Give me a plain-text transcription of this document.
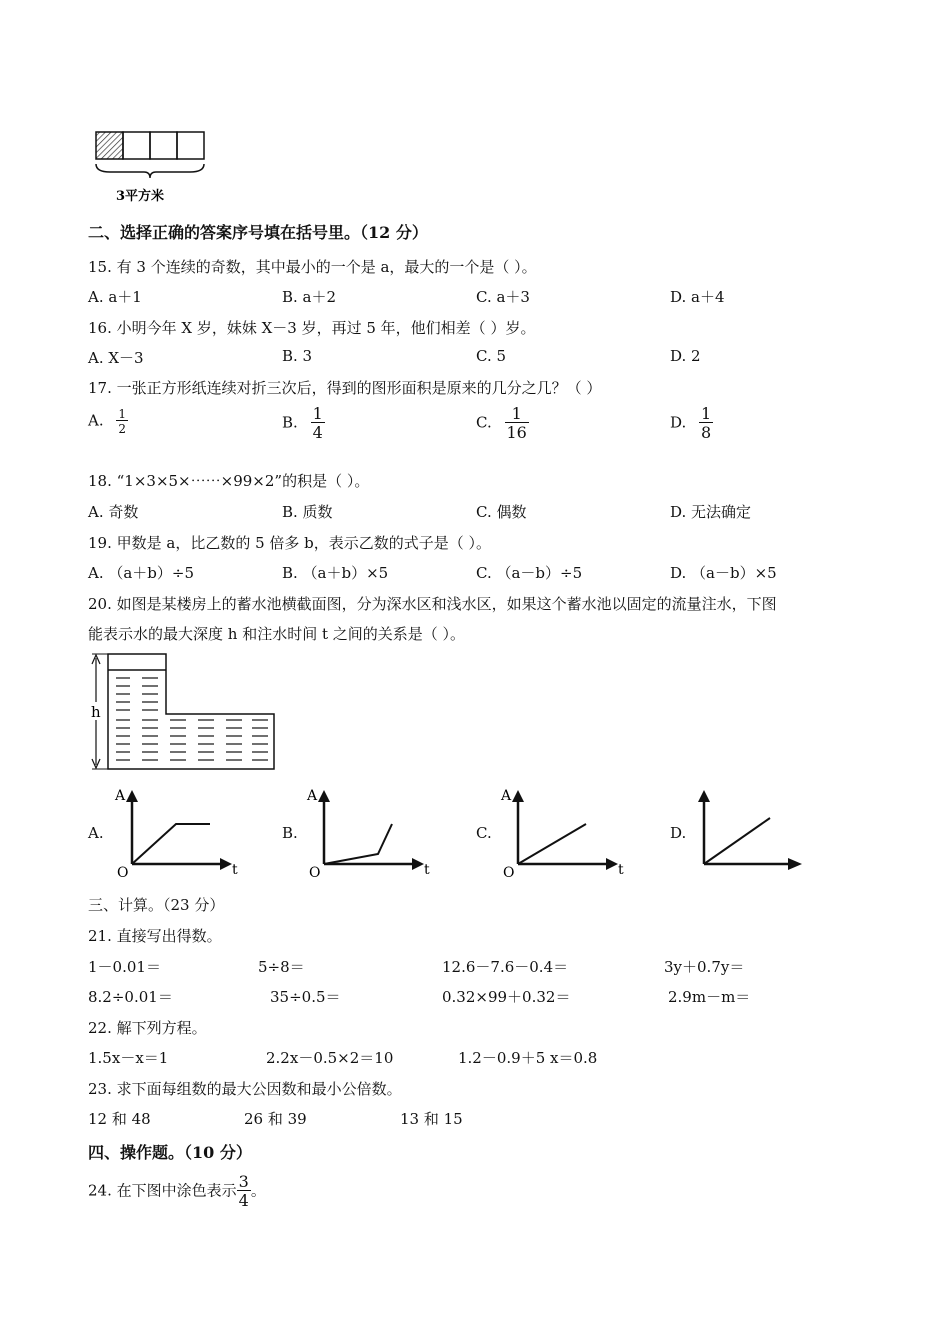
3平方米
二、选择正确的答案序号填在括号里。（12 分）
15. 有 3 个连续的奇数，其中最小的一个是 a，最大的一个是（ ）。
A. a＋1	B. a＋2	C. a＋3	D. a＋4
16. 小明今年 X 岁，妹妹 X－3 岁，再过 5 年，他们相差（ ）岁。
A. X－3	B. 3	C. 5	D. 2
17. 一张正方形纸连续对折三次后，得到的图形面积是原来的几分之几？（ ）
A. $\frac{1}{2}$	B. $\frac{1}{4}$	C. $\frac{1}{16}$	D. $\frac{1}{8}$
18. “1×3×5×⋯⋯×99×2”的积是（ ）。
A. 奇数	B. 质数	C. 偶数	D. 无法确定
19. 甲数是 a，比乙数的 5 倍多 b，表示乙数的式子是（ ）。
A. （a＋b）÷5	B. （a＋b）×5	C. （a－b）÷5	D. （a－b）×5
20. 如图是某楼房上的蓄水池横截面图，分为深水区和浅水区，如果这个蓄水池以固定的流量注水，下图
能表示水的最大深度 h 和注水时间 t 之间的关系是（ ）。
h
A.
A
O	t
B.
A
O	t
C.
A
O	t
D.
三、计算。（23 分）
21. 直接写出得数。
1－0.01＝	5÷8＝	12.6－7.6－0.4＝	3y＋0.7y＝
8.2÷0.01＝	35÷0.5＝	0.32×99＋0.32＝	2.9m－m＝
22. 解下列方程。
1.5x－x＝1	2.2x－0.5×2＝10	1.2－0.9＋5 x＝0.8
23. 求下面每组数的最大公因数和最小公倍数。
12 和 48	26 和 39	13 和 15
四、操作题。（10 分）
24. 在下图中涂色表示 $\frac{3}{4}$ 。
